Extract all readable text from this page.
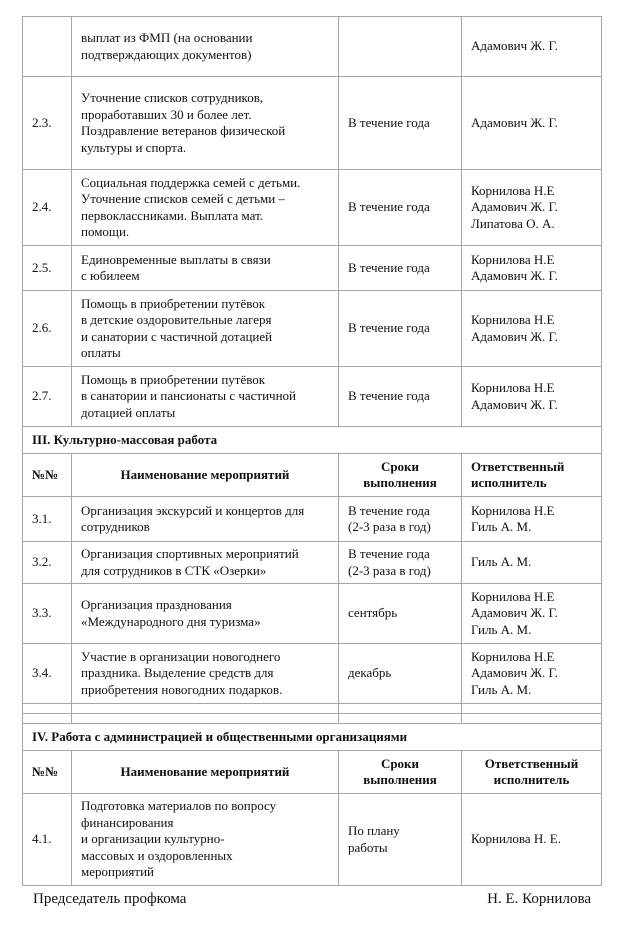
	выплат из ФМП (на основании
подтверждающих документов)		Адамович Ж. Г.

2.3.	Уточнение списков сотрудников,
проработавших 30 и более лет.
Поздравление ветеранов физической
культуры и спорта.	В течение года	Адамович Ж. Г.

2.4.	Социальная поддержка семей с детьми.
Уточнение списков семей с детьми –
первоклассниками. Выплата мат.
помощи.	В течение года	Корнилова Н.Е
Адамович Ж. Г.
Липатова О. А.

2.5.	Единовременные выплаты в связи
с юбилеем	В течение года	Корнилова Н.Е
Адамович Ж. Г.

2.6.	Помощь в приобретении путёвок
в детские оздоровительные лагеря
и санатории с частичной дотацией
оплаты	В течение года	Корнилова Н.Е
Адамович Ж. Г.

2.7.	Помощь в приобретении путёвок
в санатории и пансионаты с частичной
дотацией оплаты	В течение года	Корнилова Н.Е
Адамович Ж. Г.

III. Культурно-массовая работа			
№№	Наименование мероприятий	Сроки
выполнения	Ответственный
исполнитель

3.1.	Организация экскурсий и концертов для
сотрудников	В течение года
(2-3 раза в год)	Корнилова Н.Е
Гиль А. М.

3.2.	Организация спортивных мероприятий
для сотрудников в СТК «Озерки»	В течение года
(2-3 раза в год)	Гиль А. М.

3.3.	Организация празднования
«Международного дня туризма»	сентябрь	Корнилова Н.Е
Адамович Ж. Г.
Гиль А. М.

3.4.	Участие в организации новогоднего
праздника. Выделение средств для
приобретения новогодних подарков.	декабрь	Корнилова Н.Е
Адамович Ж. Г.
Гиль А. М.

IV. Работа с администрацией и общественными организациями			
№№	Наименование мероприятий	Сроки
выполнения	Ответственный
исполнитель

4.1.	Подготовка материалов по вопросу
финансирования
и организации культурно-
массовых и оздоровленных
мероприятий	По плану
работы	Корнилова Н. Е.
Председатель профкома	Н. Е. Корнилова
